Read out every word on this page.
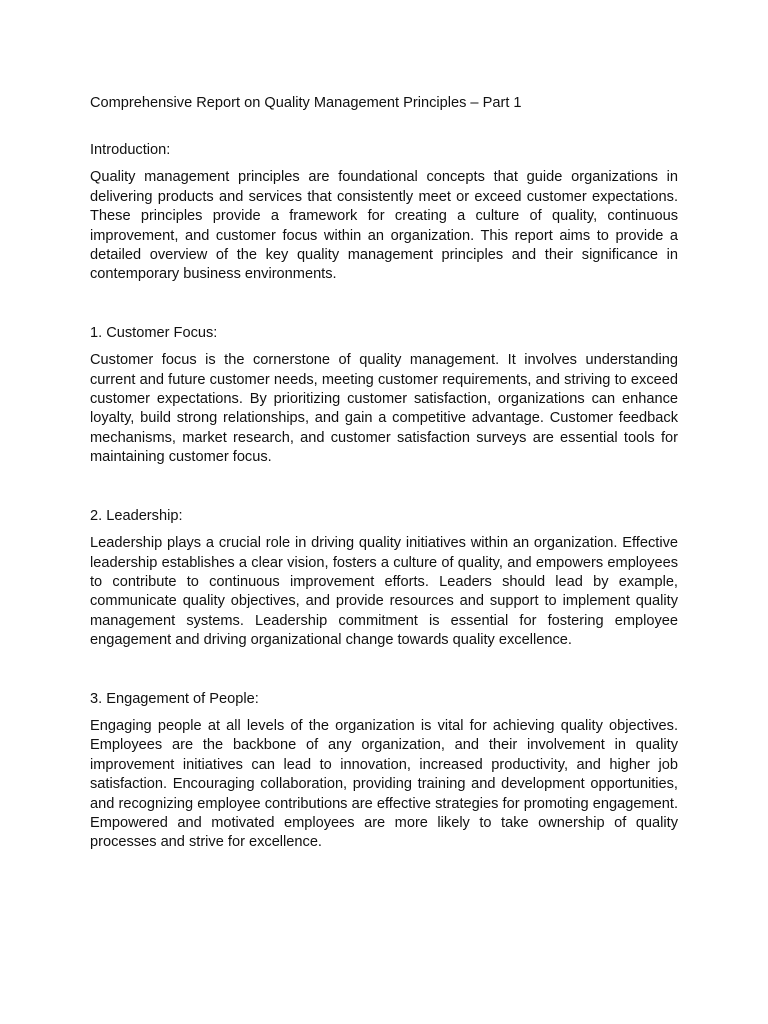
Comprehensive Report on Quality Management Principles – Part 1
Introduction:

Quality management principles are foundational concepts that guide organizations in delivering products and services that consistently meet or exceed customer expectations. These principles provide a framework for creating a culture of quality, continuous improvement, and customer focus within an organization. This report aims to provide a detailed overview of the key quality management principles and their significance in contemporary business environments.

1. Customer Focus:

Customer focus is the cornerstone of quality management. It involves understanding current and future customer needs, meeting customer requirements, and striving to exceed customer expectations. By prioritizing customer satisfaction, organizations can enhance loyalty, build strong relationships, and gain a competitive advantage. Customer feedback mechanisms, market research, and customer satisfaction surveys are essential tools for maintaining customer focus.

2. Leadership:

Leadership plays a crucial role in driving quality initiatives within an organization. Effective leadership establishes a clear vision, fosters a culture of quality, and empowers employees to contribute to continuous improvement efforts. Leaders should lead by example, communicate quality objectives, and provide resources and support to implement quality management systems. Leadership commitment is essential for fostering employee engagement and driving organizational change towards quality excellence.

3. Engagement of People:

Engaging people at all levels of the organization is vital for achieving quality objectives. Employees are the backbone of any organization, and their involvement in quality improvement initiatives can lead to innovation, increased productivity, and higher job satisfaction. Encouraging collaboration, providing training and development opportunities, and recognizing employee contributions are effective strategies for promoting engagement. Empowered and motivated employees are more likely to take ownership of quality processes and strive for excellence.
